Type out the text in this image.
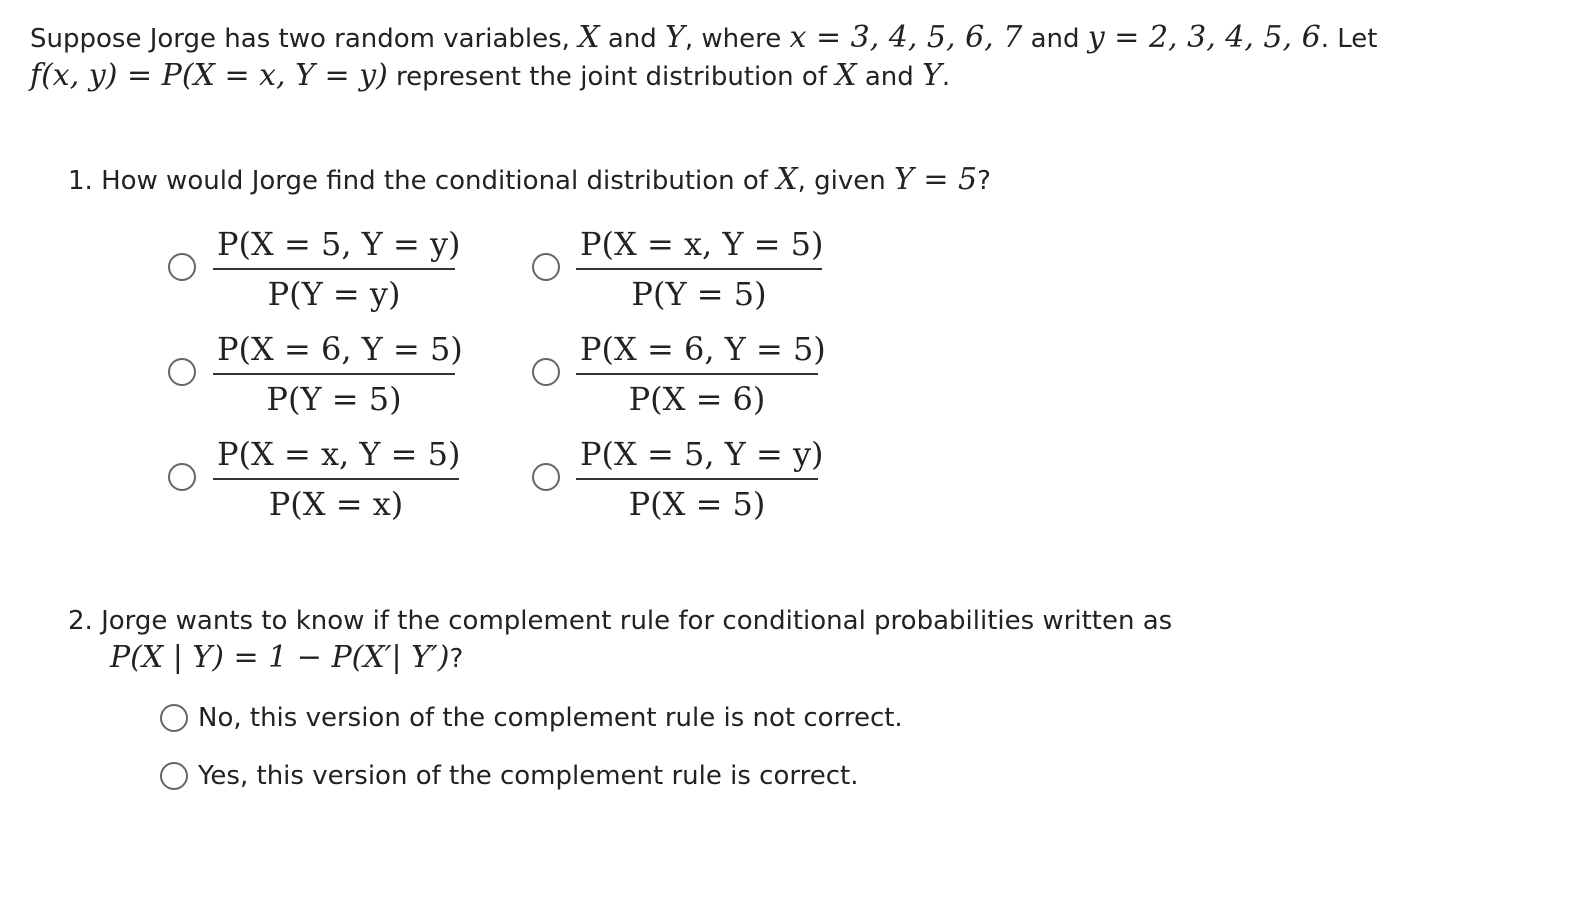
Suppose Jorge has two random variables, X and Y, where x = 3, 4, 5, 6, 7 and y = 2, 3, 4, 5, 6. Let
f(x, y) = P(X = x, Y = y) represent the joint distribution of X and Y.
1. How would Jorge find the conditional distribution of X, given Y = 5?
P(X = 5, Y = y)
P(Y = y)
P(X = 6, Y = 5)
P(Y = 5)
P(X = x, Y = 5)
P(X = x)
P(X = x, Y = 5)
P(Y = 5)
P(X = 6, Y = 5)
P(X = 6)
P(X = 5, Y = y)
P(X = 5)
2. Jorge wants to know if the complement rule for conditional probabilities written as
P(X | Y) = 1 − P(X′| Y′)?
No, this version of the complement rule is not correct.
Yes, this version of the complement rule is correct.
